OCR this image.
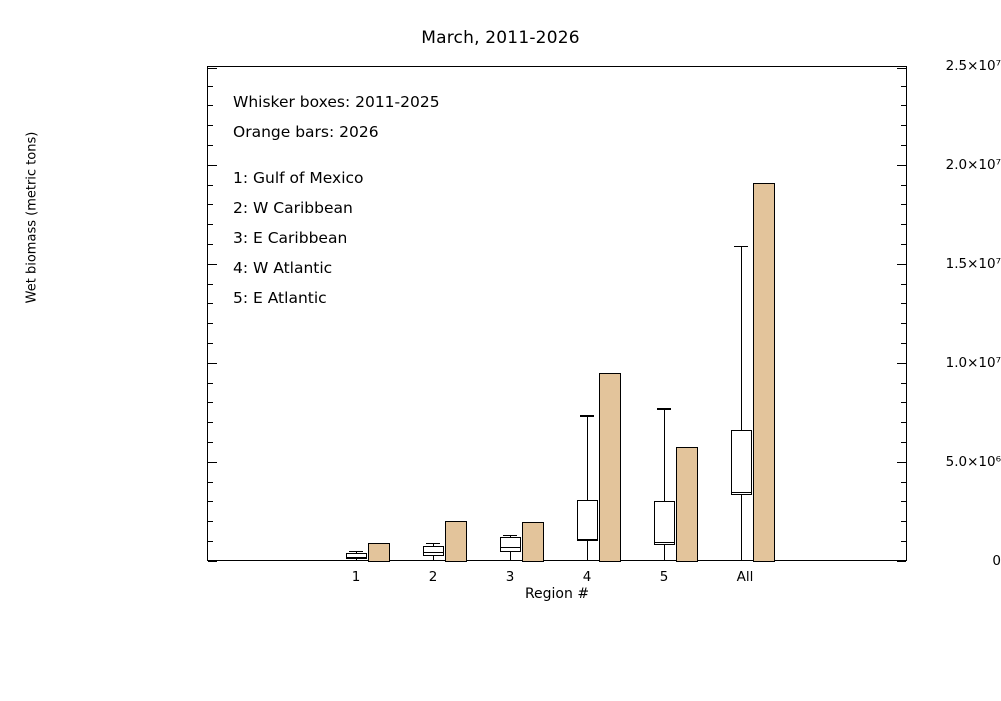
March, 2011-2026
Wet biomass (metric tons)
Region #
0
5.0×10⁶
1.0×10⁷
1.5×10⁷
2.0×10⁷
2.5×10⁷
Whisker boxes: 2011-2025
Orange bars: 2026
1: Gulf of Mexico
2: W Caribbean
3: E Caribbean
4: W Atlantic
5: E Atlantic
1	2	3	4	5	All
